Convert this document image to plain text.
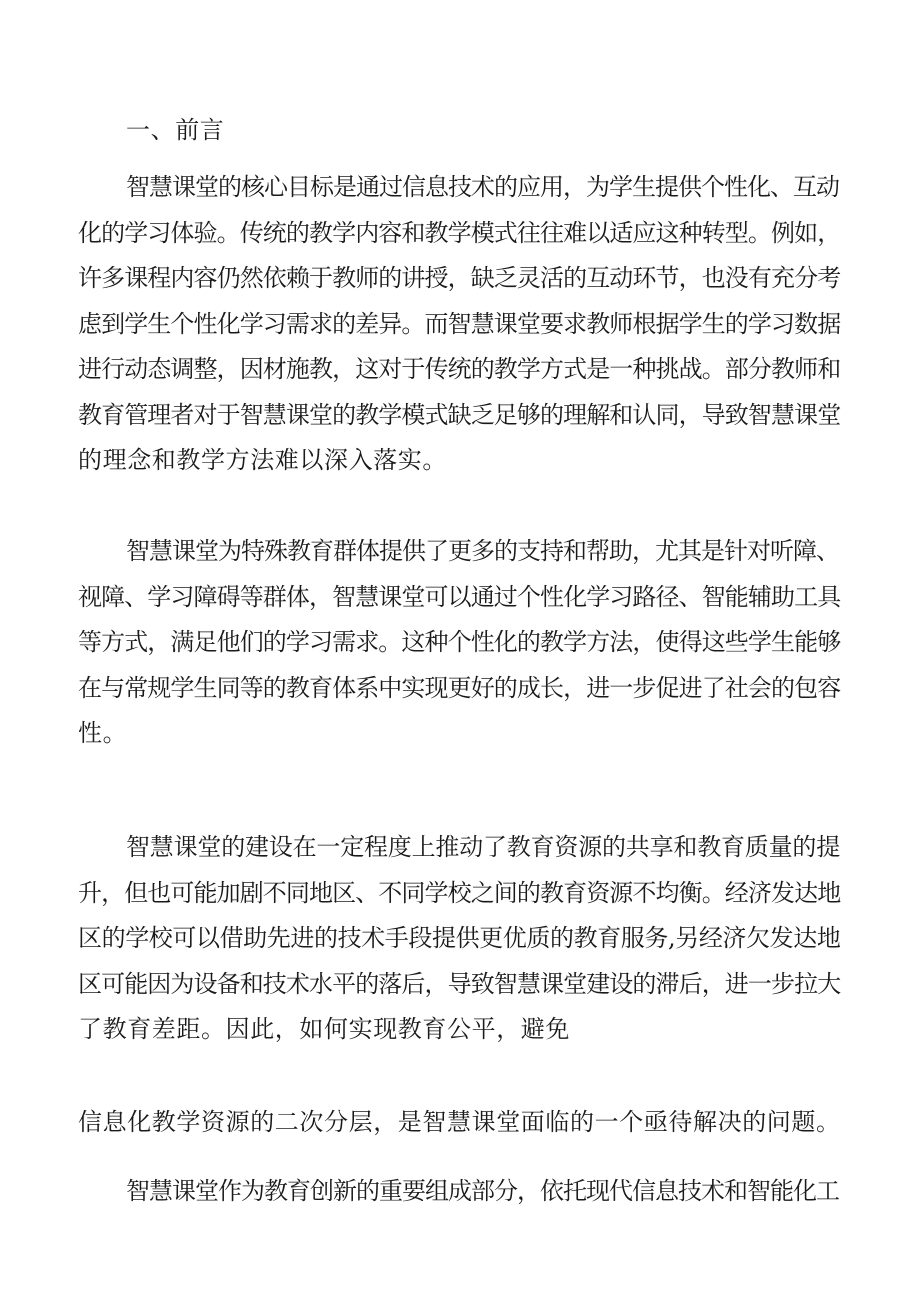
一、前言

智慧课堂的核心目标是通过信息技术的应用，为学生提供个性化、互动
化的学习体验。传统的教学内容和教学模式往往难以适应这种转型。例如，
许多课程内容仍然依赖于教师的讲授，缺乏灵活的互动环节，也没有充分考
虑到学生个性化学习需求的差异。而智慧课堂要求教师根据学生的学习数据
进行动态调整，因材施教，这对于传统的教学方式是一种挑战。部分教师和
教育管理者对于智慧课堂的教学模式缺乏足够的理解和认同，导致智慧课堂
的理念和教学方法难以深入落实。
智慧课堂为特殊教育群体提供了更多的支持和帮助，尤其是针对听障、
视障、学习障碍等群体，智慧课堂可以通过个性化学习路径、智能辅助工具
等方式，满足他们的学习需求。这种个性化的教学方法，使得这些学生能够
在与常规学生同等的教育体系中实现更好的成长，进一步促进了社会的包容
性。
智慧课堂的建设在一定程度上推动了教育资源的共享和教育质量的提
升，但也可能加剧不同地区、不同学校之间的教育资源不均衡。经济发达地
区的学校可以借助先进的技术手段提供更优质的教育服务,另经济欠发达地
区可能因为设备和技术水平的落后，导致智慧课堂建设的滞后，进一步拉大
了教育差距。因此，如何实现教育公平，避免
信息化教学资源的二次分层，是智慧课堂面临的一个亟待解决的问题。
智慧课堂作为教育创新的重要组成部分，依托现代信息技术和智能化工
